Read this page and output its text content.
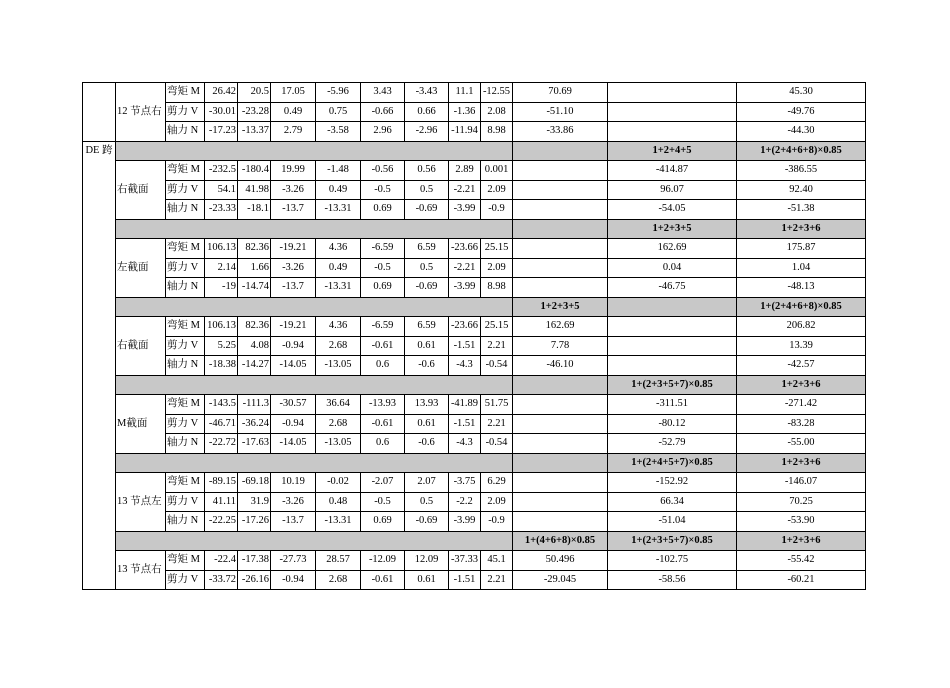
	12 节点右	弯矩 M	26.42	20.5	17.05	-5.96	3.43	-3.43	11.1	-12.55	70.69		45.30
		剪力 V	-30.01	-23.28	0.49	0.75	-0.66	0.66	-1.36	2.08	-51.10		-49.76
		轴力 N	-17.23	-13.37	2.79	-3.58	2.96	-2.96	-11.94	8.98	-33.86		-44.30
DE 跨												1+2+4+5	1+(2+4+6+8)×0.85
	右截面	弯矩 M	-232.5	-180.4	19.99	-1.48	-0.56	0.56	2.89	0.001		-414.87	-386.55
		剪力 V	54.1	41.98	-3.26	0.49	-0.5	0.5	-2.21	2.09		96.07	92.40
		轴力 N	-23.33	-18.1	-13.7	-13.31	0.69	-0.69	-3.99	-0.9		-54.05	-51.38
												1+2+3+5	1+2+3+6
	左截面	弯矩 M	106.13	82.36	-19.21	4.36	-6.59	6.59	-23.66	25.15		162.69	175.87
		剪力 V	2.14	1.66	-3.26	0.49	-0.5	0.5	-2.21	2.09		0.04	1.04
		轴力 N	-19	-14.74	-13.7	-13.31	0.69	-0.69	-3.99	8.98		-46.75	-48.13
											1+2+3+5		1+(2+4+6+8)×0.85
	右截面	弯矩 M	106.13	82.36	-19.21	4.36	-6.59	6.59	-23.66	25.15	162.69		206.82
		剪力 V	5.25	4.08	-0.94	2.68	-0.61	0.61	-1.51	2.21	7.78		13.39
		轴力 N	-18.38	-14.27	-14.05	-13.05	0.6	-0.6	-4.3	-0.54	-46.10		-42.57
												1+(2+3+5+7)×0.85	1+2+3+6
	M截面	弯矩 M	-143.5	-111.3	-30.57	36.64	-13.93	13.93	-41.89	51.75		-311.51	-271.42
		剪力 V	-46.71	-36.24	-0.94	2.68	-0.61	0.61	-1.51	2.21		-80.12	-83.28
		轴力 N	-22.72	-17.63	-14.05	-13.05	0.6	-0.6	-4.3	-0.54		-52.79	-55.00
												1+(2+4+5+7)×0.85	1+2+3+6
	13 节点左	弯矩 M	-89.15	-69.18	10.19	-0.02	-2.07	2.07	-3.75	6.29		-152.92	-146.07
		剪力 V	41.11	31.9	-3.26	0.48	-0.5	0.5	-2.2	2.09		66.34	70.25
		轴力 N	-22.25	-17.26	-13.7	-13.31	0.69	-0.69	-3.99	-0.9		-51.04	-53.90
											1+(4+6+8)×0.85	1+(2+3+5+7)×0.85	1+2+3+6
	13 节点右	弯矩 M	-22.4	-17.38	-27.73	28.57	-12.09	12.09	-37.33	45.1	50.496	-102.75	-55.42
		剪力 V	-33.72	-26.16	-0.94	2.68	-0.61	0.61	-1.51	2.21	-29.045	-58.56	-60.21
